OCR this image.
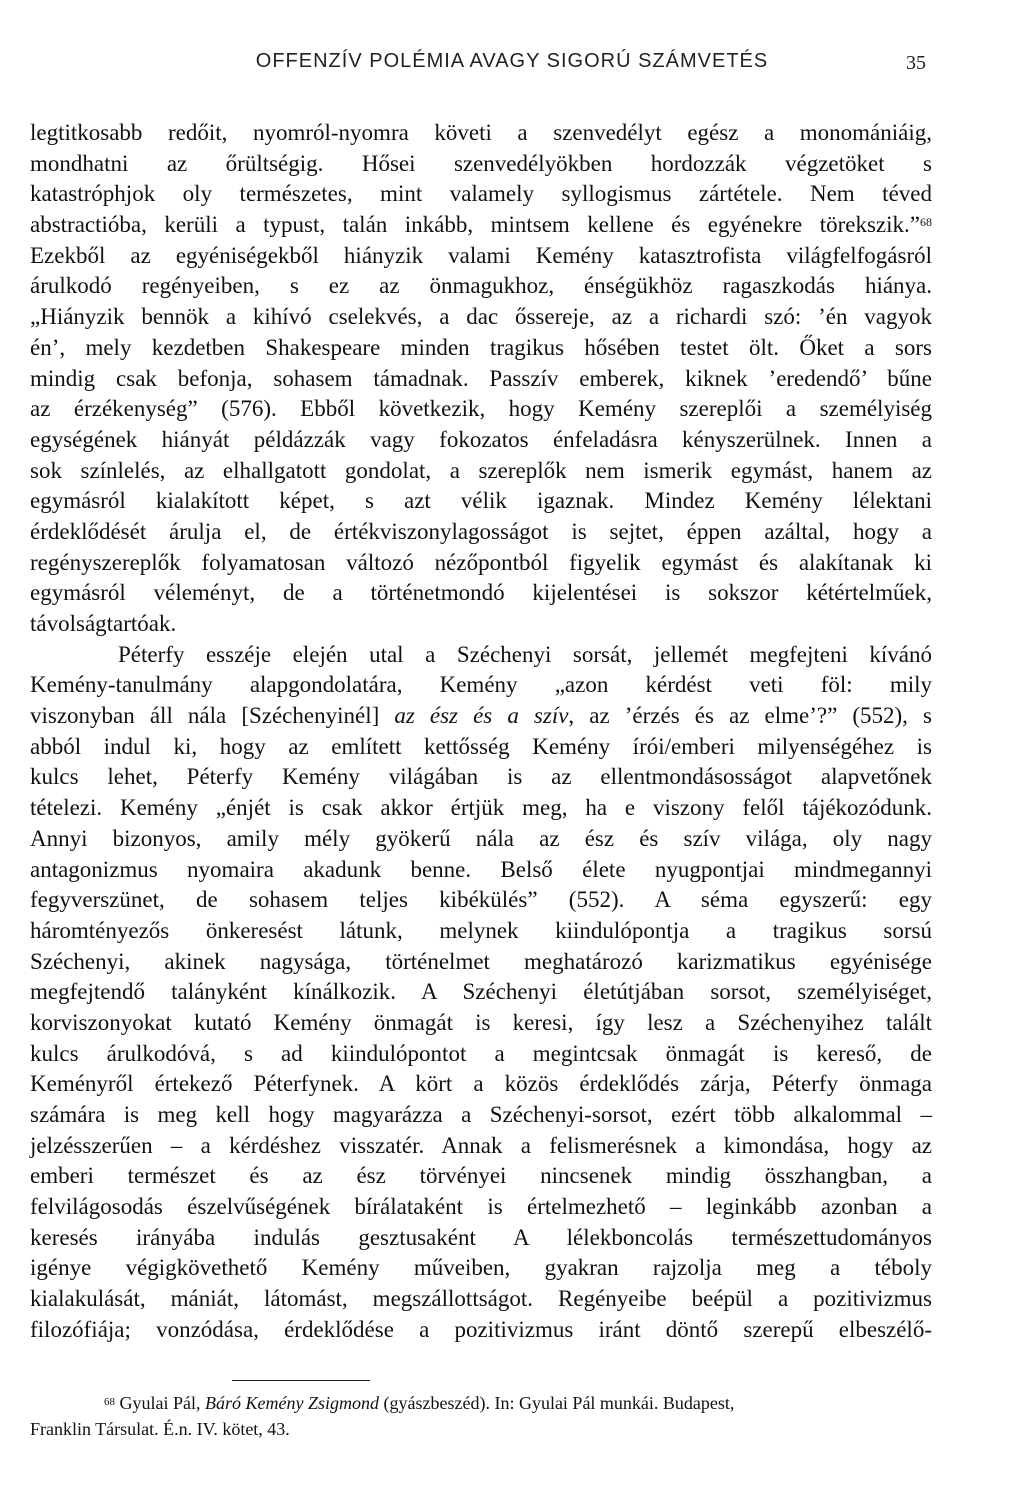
OFFENZÍV POLÉMIA AVAGY SIGORÚ SZÁMVETÉS	35
legtitkosabb redőit, nyomról-nyomra követi a szenvedélyt egész a monomániáig,
mondhatni az őrültségig. Hősei szenvedélyökben hordozzák végzetöket s
katastróphjok oly természetes, mint valamely syllogismus zártétele. Nem téved
abstractióba, kerüli a typust, talán inkább, mintsem kellene és egyénekre törekszik.”$^{68}$
Ezekből az egyéniségekből hiányzik valami Kemény katasztrofista világfelfogásról
árulkodó regényeiben, s ez az önmagukhoz, énségükhöz ragaszkodás hiánya.
„Hiányzik bennök a kihívó cselekvés, a dac őssereje, az a richardi szó: ’én vagyok
én’, mely kezdetben Shakespeare minden tragikus hősében testet ölt. Őket a sors
mindig csak befonja, sohasem támadnak. Passzív emberek, kiknek ’eredendő’ bűne
az érzékenység” (576). Ebből következik, hogy Kemény szereplői a személyiség
egységének hiányát példázzák vagy fokozatos énfeladásra kényszerülnek. Innen a
sok színlelés, az elhallgatott gondolat, a szereplők nem ismerik egymást, hanem az
egymásról kialakított képet, s azt vélik igaznak. Mindez Kemény lélektani
érdeklődését árulja el, de értékviszonylagosságot is sejtet, éppen azáltal, hogy a
regényszereplők folyamatosan változó nézőpontból figyelik egymást és alakítanak ki
egymásról véleményt, de a történetmondó kijelentései is sokszor kétértelműek,
távolságtartóak.
Péterfy esszéje elején utal a Széchenyi sorsát, jellemét megfejteni kívánó
Kemény-tanulmány alapgondolatára, Kemény „azon kérdést veti föl: mily
viszonyban áll nála [Széchenyinél] az ész és a szív, az ’érzés és az elme’?” (552), s
abból indul ki, hogy az említett kettősség Kemény írói/emberi milyenségéhez is
kulcs lehet, Péterfy Kemény világában is az ellentmondásosságot alapvetőnek
tételezi. Kemény „énjét is csak akkor értjük meg, ha e viszony felől tájékozódunk.
Annyi bizonyos, amily mély gyökerű nála az ész és szív világa, oly nagy
antagonizmus nyomaira akadunk benne. Belső élete nyugpontjai mindmegannyi
fegyverszünet, de sohasem teljes kibékülés” (552). A séma egyszerű: egy
háromtényezős önkeresést látunk, melynek kiindulópontja a tragikus sorsú
Széchenyi, akinek nagysága, történelmet meghatározó karizmatikus egyénisége
megfejtendő talányként kínálkozik. A Széchenyi életútjában sorsot, személyiséget,
korviszonyokat kutató Kemény önmagát is keresi, így lesz a Széchenyihez talált
kulcs árulkodóvá, s ad kiindulópontot a megintcsak önmagát is kereső, de
Keményről értekező Péterfynek. A kört a közös érdeklődés zárja, Péterfy önmaga
számára is meg kell hogy magyarázza a Széchenyi-sorsot, ezért több alkalommal –
jelzésszerűen – a kérdéshez visszatér. Annak a felismerésnek a kimondása, hogy az
emberi természet és az ész törvényei nincsenek mindig összhangban, a
felvilágosodás észelvűségének bírálataként is értelmezhető – leginkább azonban a
keresés irányába indulás gesztusaként A lélekboncolás természettudományos
igénye végigkövethető Kemény műveiben, gyakran rajzolja meg a téboly
kialakulását, mániát, látomást, megszállottságot. Regényeibe beépül a pozitivizmus
filozófiája; vonzódása, érdeklődése a pozitivizmus iránt döntő szerepű elbeszélő-
$^{68}$ Gyulai Pál, Báró Kemény Zsigmond (gyászbeszéd). In: Gyulai Pál munkái. Budapest,
Franklin Társulat. É.n. IV. kötet, 43.
